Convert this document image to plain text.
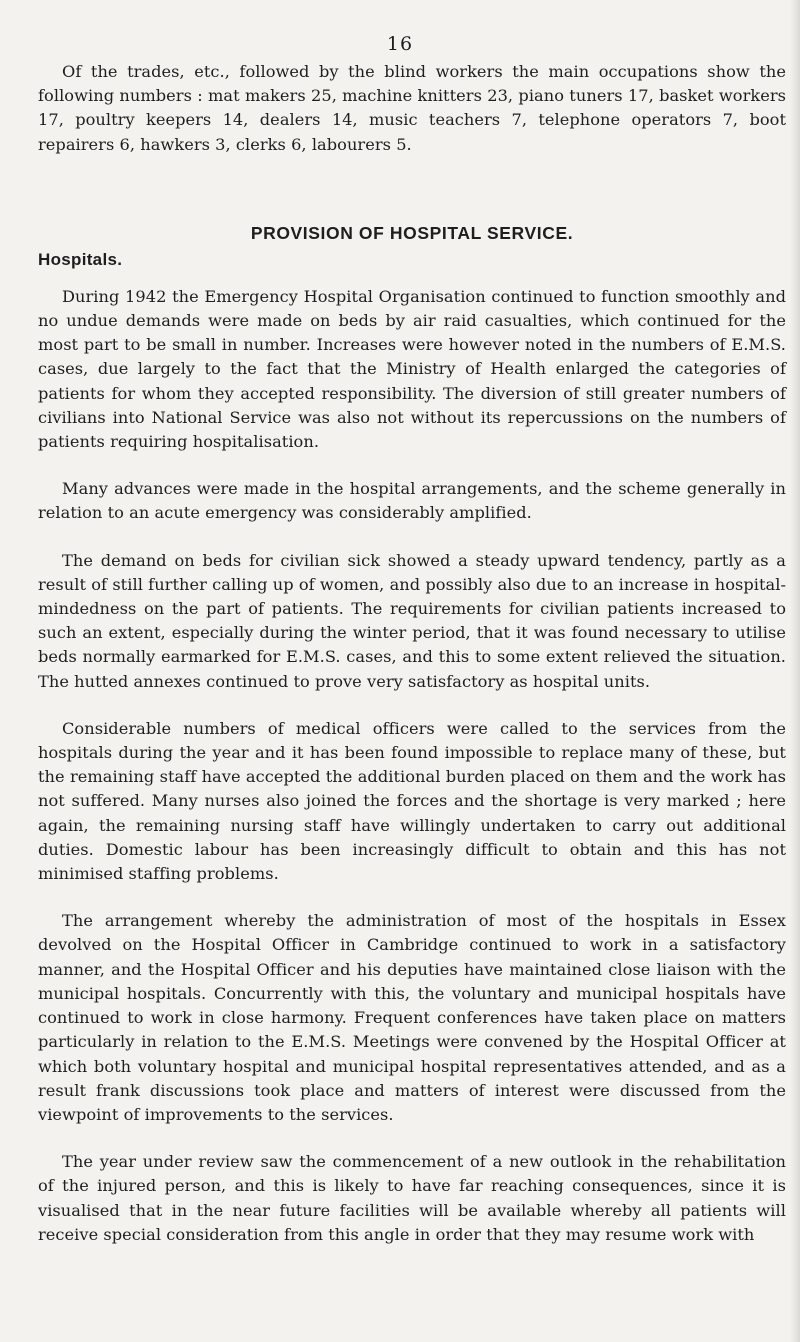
16

Of the trades, etc., followed by the blind workers the main occupations show the following numbers : mat makers 25, machine knitters 23, piano tuners 17, basket workers 17, poultry keepers 14, dealers 14, music teachers 7, telephone operators 7, boot repairers 6, hawkers 3, clerks 6, labourers 5.

PROVISION OF HOSPITAL SERVICE.
Hospitals.

During 1942 the Emergency Hospital Organisation continued to function smoothly and no undue demands were made on beds by air raid casualties, which continued for the most part to be small in number. Increases were however noted in the numbers of E.M.S. cases, due largely to the fact that the Ministry of Health enlarged the categories of patients for whom they accepted responsibility. The diversion of still greater numbers of civilians into National Service was also not without its repercussions on the numbers of patients requiring hospitalisation.

Many advances were made in the hospital arrangements, and the scheme generally in relation to an acute emergency was considerably amplified.

The demand on beds for civilian sick showed a steady upward tendency, partly as a result of still further calling up of women, and possibly also due to an increase in hospital-mindedness on the part of patients. The requirements for civilian patients increased to such an extent, especially during the winter period, that it was found necessary to utilise beds normally earmarked for E.M.S. cases, and this to some extent relieved the situation. The hutted annexes continued to prove very satisfactory as hospital units.

Considerable numbers of medical officers were called to the services from the hospitals during the year and it has been found impossible to replace many of these, but the remaining staff have accepted the additional burden placed on them and the work has not suffered. Many nurses also joined the forces and the shortage is very marked ; here again, the remaining nursing staff have willingly undertaken to carry out additional duties. Domestic labour has been increasingly difficult to obtain and this has not minimised staffing problems.

The arrangement whereby the administration of most of the hospitals in Essex devolved on the Hospital Officer in Cambridge continued to work in a satisfactory manner, and the Hospital Officer and his deputies have maintained close liaison with the municipal hospitals. Concurrently with this, the voluntary and municipal hospitals have continued to work in close harmony. Frequent conferences have taken place on matters particularly in relation to the E.M.S. Meetings were convened by the Hospital Officer at which both voluntary hospital and municipal hospital representatives attended, and as a result frank discussions took place and matters of interest were discussed from the viewpoint of improvements to the services.

The year under review saw the commencement of a new outlook in the rehabilitation of the injured person, and this is likely to have far reaching consequences, since it is visualised that in the near future facilities will be available whereby all patients will receive special consideration from this angle in order that they may resume work with
